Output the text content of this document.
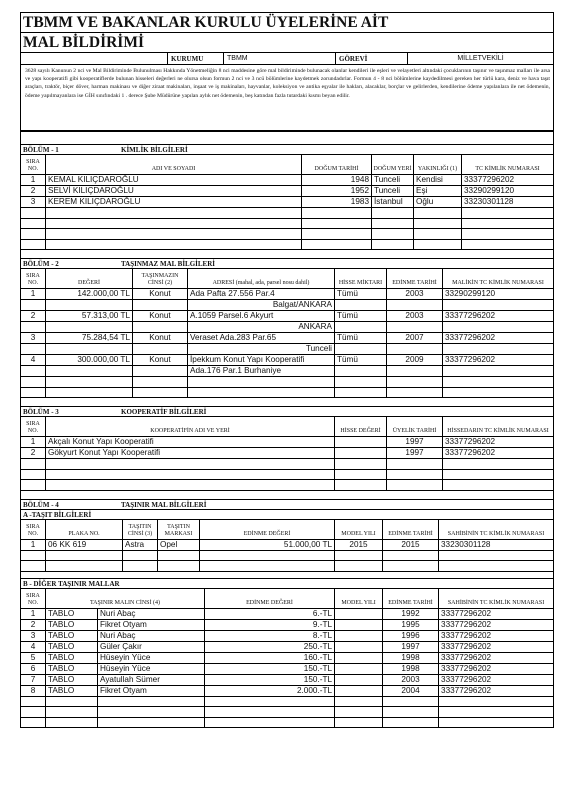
TBMM VE BAKANLAR KURULU ÜYELERİNE AİT
MAL BİLDİRİMİ
KURUMU	TBMM	GÖREVİ	MİLLETVEKİLİ
3628 sayılı Kanunun 2 nci ve Mal Bildiriminde Bulunulması Hakkında Yönetmeliğin 8 nci maddesine göre mal bildiriminde bulunacak olanlar kendileri ile eşleri ve velayetleri altındaki çocuklarının taşınır ve taşınmaz malları ile arsa ve yapı kooperatifi gibi kooperatiflerde bulunan hisseleri değerleri ne olursa olsun formun 2 nci ve 3 ncü bölümlerine kaydetmek zorundadırlar. Formun 4 - 8 nci bölümlerine kaydedilmesi gereken her türlü kara, deniz ve hava taşıt araçları, traktör, biçer döver, harman makinası ve diğer ziraat makinaları, inşaat ve iş makinaları, hayvanlar, koleksiyon ve antika eşyalar ile hakları, alacaklar, borçlar ve gelirlerden, kendilerine ödeme yapılanlara ile net ödemenin, ödeme yapılmayanlara ise GİH sınıfındaki 1 . derece Şube Müdürüne yapılan aylık net ödemenin, beş katından fazla tutardaki kısmı beyan edilir.
BÖLÜM - 1	KİMLİK BİLGİLERİ
SIRA NO.	ADI VE SOYADI	DOĞUM TARİHİ	DOĞUM YERİ	YAKINLIĞI (1)	TC KİMLİK NUMARASI
1	KEMAL KILIÇDAROĞLU	1948	Tunceli	Kendisi	33377296202
2	SELVİ KILIÇDAROĞLU	1952	Tunceli	Eşi	33290299120
3	KEREM KILIÇDAROĞLU	1983	İstanbul	Oğlu	33230301128

BÖLÜM - 2	TAŞINMAZ MAL BİLGİLERİ
SIRA NO.	DEĞERİ	TAŞINMAZIN CİNSİ (2)	ADRESİ (mahal, ada, parsel nosu dahil)	HİSSE MİKTARI	EDİNME TARİHİ	MALİKİN TC KİMLİK NUMARASI
1	142.000,00 TL	Konut	Ada Pafta 27.556 Par.4	Tümü	2003	33290299120
			Balgat/ANKARA			
2	57.313,00 TL	Konut	A.1059 Parsel.6 Akyurt	Tümü	2003	33377296202
			ANKARA			
3	75.284,54 TL	Konut	Veraset Ada.283 Par.65	Tümü	2007	33377296202
			Tunceli			
4	300.000,00 TL	Konut	İpekkum Konut Yapı Kooperatifi	Tümü	2009	33377296202
			Ada.176 Par.1 Burhaniye			

BÖLÜM - 3	KOOPERATİF BİLGİLERİ
SIRA NO.	KOOPERATİFİN ADI VE YERİ	HİSSE DEĞERİ	ÜYELİK TARİHİ	HİSSEDARIN TC KİMLİK NUMARASI
1	Akçalı Konut Yapı Kooperatifi		1997	33377296202
2	Gökyurt Konut Yapı Kooperatifi		1997	33377296202

BÖLÜM - 4	TAŞINIR MAL BİLGİLERİ
A -TAŞIT BİLGİLERİ
SIRA NO.	PLAKA NO.	TAŞITIN CİNSİ (3)	TAŞITIN MARKASI	EDİNME DEĞERİ	MODEL YILI	EDİNME TARİHİ	SAHİBİNİN TC KİMLİK NUMARASI
1	06 KK 619	Astra	Opel	51.000,00 TL	2015	2015	33230301128

B - DİĞER TAŞINIR MALLAR
SIRA NO.	TAŞINIR MALIN CİNSİ (4)		EDİNME DEĞERİ	MODEL YILI	EDİNME TARİHİ	SAHİBİNİN TC KİMLİK NUMARASI
1	TABLO	Nuri Abaç	6.-TL		1992	33377296202
2	TABLO	Fikret Otyam	9.-TL		1995	33377296202
3	TABLO	Nuri Abaç	8.-TL		1996	33377296202
4	TABLO	Güler Çakır	250.-TL		1997	33377296202
5	TABLO	Hüseyin Yüce	160.-TL		1998	33377296202
6	TABLO	Hüseyin Yüce	150.-TL		1998	33377296202
7	TABLO	Ayatullah Sümer	150.-TL		2003	33377296202
8	TABLO	Fikret Otyam	2.000.-TL		2004	33377296202
